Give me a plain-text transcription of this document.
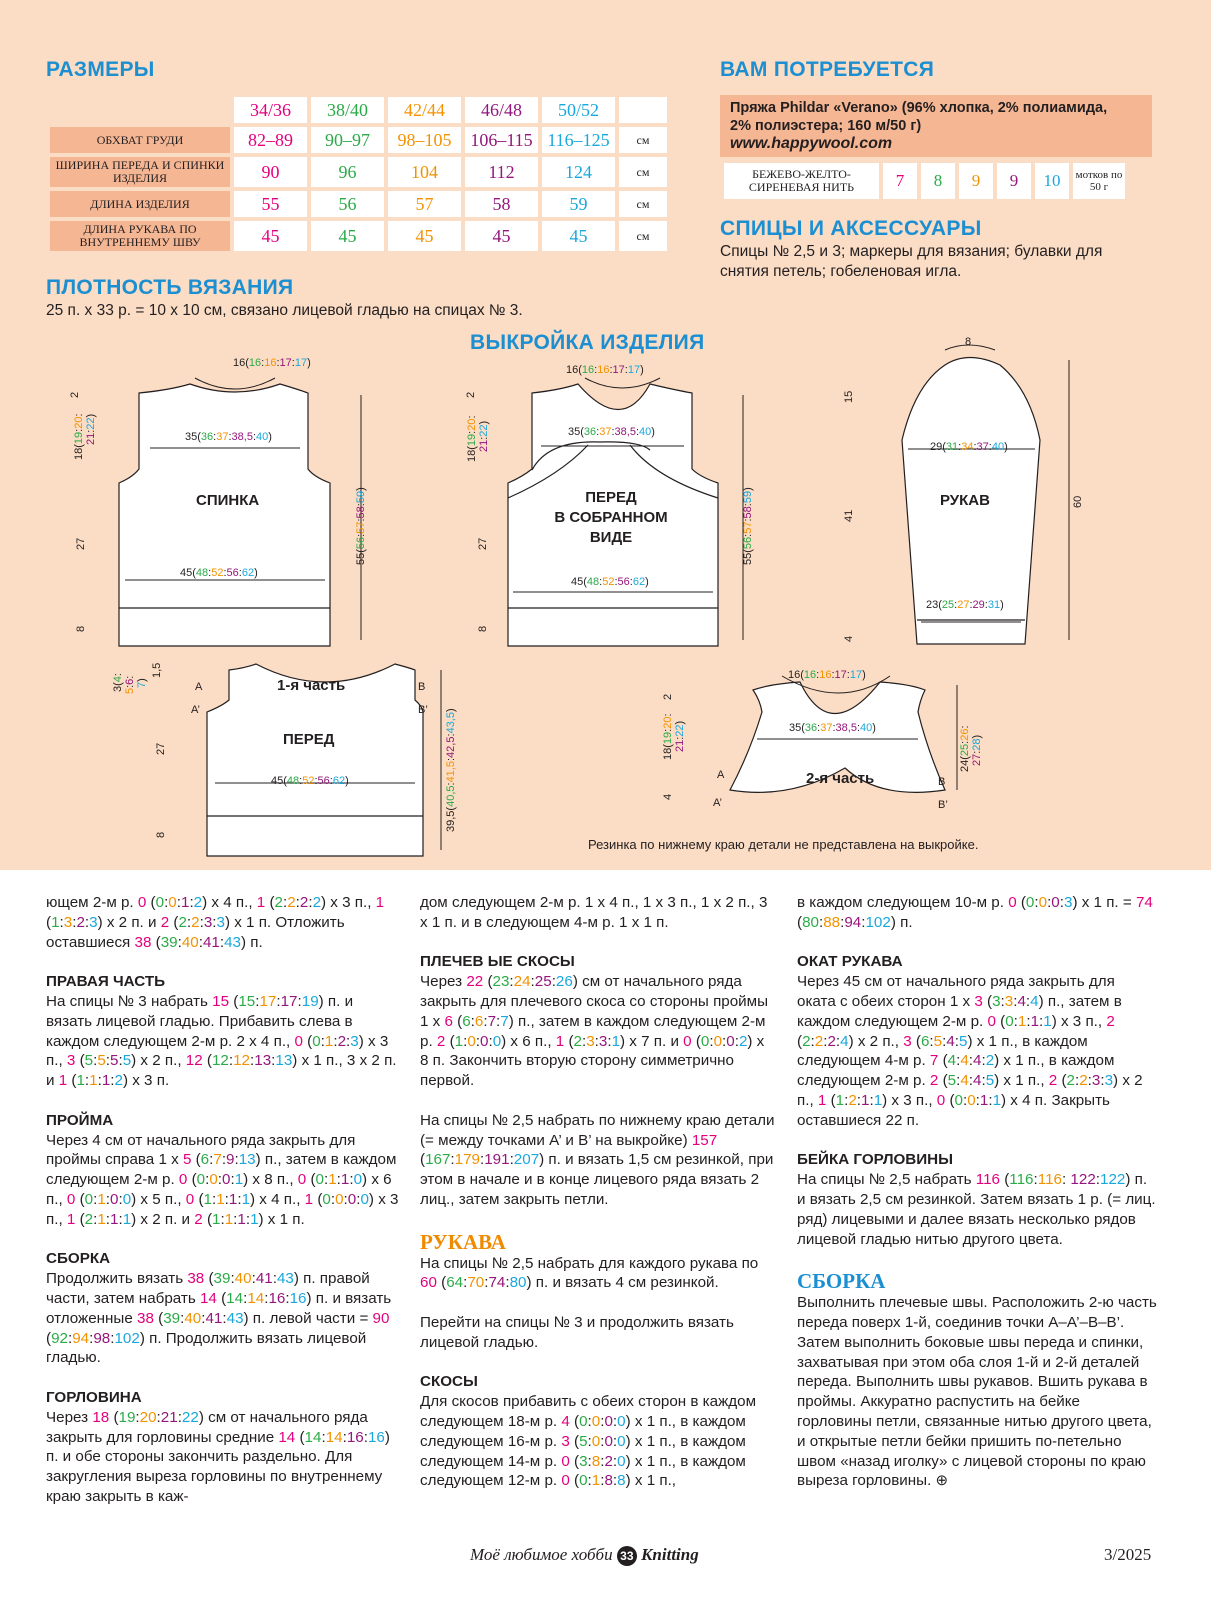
РАЗМЕРЫ
	34/36	38/40	42/44	46/48	50/52	
ОБХВАТ ГРУДИ	82–89	90–97	98–105	106–115	116–125	см
ШИРИНА ПЕРЕДА И СПИНКИ ИЗДЕЛИЯ	90	96	104	112	124	см
ДЛИНА ИЗДЕЛИЯ	55	56	57	58	59	см
ДЛИНА РУКАВА ПО ВНУТРЕННЕМУ ШВУ	45	45	45	45	45	см
ВАМ ПОТРЕБУЕТСЯ
Пряжа Phildar «Verano» (96% хлопка, 2% полиамида,
2% полиэстера; 160 м/50 г)
www.happywool.com
БЕЖЕВО-ЖЕЛТО-СИРЕНЕВАЯ НИТЬ	7	8	9	9	10	мотков по 50 г
СПИЦЫ И АКСЕССУАРЫ
Спицы № 2,5 и 3; маркеры для вязания; булавки для снятия петель; гобеленовая игла.
ПЛОТНОСТЬ ВЯЗАНИЯ
25 п. х 33 р. = 10 х 10 см, связано лицевой гладью на спицах № 3.
ВЫКРОЙКА ИЗДЕЛИЯ
СПИНКА	ПЕРЕД
В СОБРАННОМ
ВИДЕ
РУКАВ
1-я часть
ПЕРЕД
2-я часть
16(16:16:17:17)
35(36:37:38,5:40)
45(48:52:56:62)
16(16:16:17:17)
35(36:37:38,5:40)
45(48:52:56:62)
8
29(31:34:37:40)
23(25:27:29:31)
45(48:52:56:62)
16(16:16:17:17)
35(36:37:38,5:40)
A
A’
B
B’
A
A’
B
B’
2
18(19:20:
21:22)
27
8
55(56:57:58:59)
2
18(19:20:
21:22)
27
8
55(56:57:58:59)
15
41
4
60
1,5
3(4:
5:6:
7)
27
8
39,5(40,5:41,5:42,5:43,5)
2
18(19:20:
21:22)
4
24(25:26:
27:28)
Резинка по нижнему краю детали не представлена на выкройке.

ющем 2-м р. 0 (0:0:1:2) х 4 п., 1 (2:2:2:2) х 3 п., 1 (1:3:2:3) х 2 п. и 2 (2:2:3:3) х 1 п. Отложить оставшиеся 38 (39:40:41:43) п.

ПРАВАЯ ЧАСТЬ
На спицы № 3 набрать 15 (15:17:17:19) п. и вязать лицевой гладью. Прибавить слева в каждом следующем 2-м р. 2 х 4 п., 0 (0:1:2:3) х 3 п., 3 (5:5:5:5) х 2 п., 12 (12:12:13:13) х 1 п., 3 х 2 п. и 1 (1:1:1:2) х 3 п.

ПРОЙМА
Через 4 см от начального ряда закрыть для проймы справа 1 х 5 (6:7:9:13) п., затем в каждом следующем 2-м р. 0 (0:0:0:1) х 8 п., 0 (0:1:1:0) х 6 п., 0 (0:1:0:0) х 5 п., 0 (1:1:1:1) х 4 п., 1 (0:0:0:0) х 3 п., 1 (2:1:1:1) х 2 п. и 2 (1:1:1:1) х 1 п.

СБОРКА
Продолжить вязать 38 (39:40:41:43) п. правой части, затем набрать 14 (14:14:16:16) п. и вязать отложенные 38 (39:40:41:43) п. левой части = 90 (92:94:98:102) п. Продолжить вязать лицевой гладью.

ГОРЛОВИНА
Через 18 (19:20:21:22) см от начального ряда закрыть для горловины средние 14 (14:14:16:16) п. и обе стороны закончить раздельно. Для закругления выреза горловины по внутреннему краю закрыть в каж-

дом следующем 2-м р. 1 х 4 п., 1 х 3 п., 1 х 2 п., 3 х 1 п. и в следующем 4-м р. 1 х 1 п.

ПЛЕЧЕВ ЫЕ СКОСЫ
Через 22 (23:24:25:26) см от начального ряда закрыть для плечевого скоса со стороны проймы 1 х 6 (6:6:7:7) п., затем в каждом следующем 2-м р. 2 (1:0:0:0) х 6 п., 1 (2:3:3:1) х 7 п. и 0 (0:0:0:2) х 8 п. Закончить вторую сторону симметрично первой.

На спицы № 2,5 набрать по нижнему краю детали (= между точками А’ и В’ на выкройке) 157 (167:179:191:207) п. и вязать 1,5 см резинкой, при этом в начале и в конце лицевого ряда вязать 2 лиц., затем закрыть петли.

РУКАВА
На спицы № 2,5 набрать для каждого рукава по 60 (64:70:74:80) п. и вязать 4 см резинкой.

Перейти на спицы № 3 и продолжить вязать лицевой гладью.

СКОСЫ
Для скосов прибавить с обеих сторон в каждом следующем 18-м р. 4 (0:0:0:0) х 1 п., в каждом следующем 16-м р. 3 (5:0:0:0) х 1 п., в каждом следующем 14-м р. 0 (3:8:2:0) х 1 п., в каждом следующем 12-м р. 0 (0:1:8:8) х 1 п.,

в каждом следующем 10-м р. 0 (0:0:0:3) х 1 п. = 74 (80:88:94:102) п.

ОКАТ РУКАВА
Через 45 см от начального ряда закрыть для оката с обеих сторон 1 х 3 (3:3:4:4) п., затем в каждом следующем 2-м р. 0 (0:1:1:1) х 3 п., 2 (2:2:2:4) х 2 п., 3 (6:5:4:5) х 1 п., в каждом следующем 4-м р. 7 (4:4:4:2) х 1 п., в каждом следующем 2-м р. 2 (5:4:4:5) х 1 п., 2 (2:2:3:3) х 2 п., 1 (1:2:1:1) х 3 п., 0 (0:0:1:1) х 4 п. Закрыть оставшиеся 22 п.

БЕЙКА ГОРЛОВИНЫ
На спицы № 2,5 набрать 116 (116:116: 122:122) п. и вязать 2,5 см резинкой. Затем вязать 1 р. (= лиц. ряд) лицевыми и далее вязать несколько рядов лицевой гладью нитью другого цвета.

СБОРКА
Выполнить плечевые швы. Расположить 2-ю часть переда поверх 1-й, соединив точки А–А’–В–В’. Затем выполнить боковые швы переда и спинки, захватывая при этом оба слоя 1-й и 2-й деталей переда. Выполнить швы рукавов. Вшить рукава в проймы. Аккуратно распустить на бейке горловины петли, связанные нитью другого цвета, и открытые петли бейки пришить по-петельно швом «назад иголку» с лицевой стороны по краю выреза горловины. ⊕

Моё любимое хобби 33 Knitting	3/2025
